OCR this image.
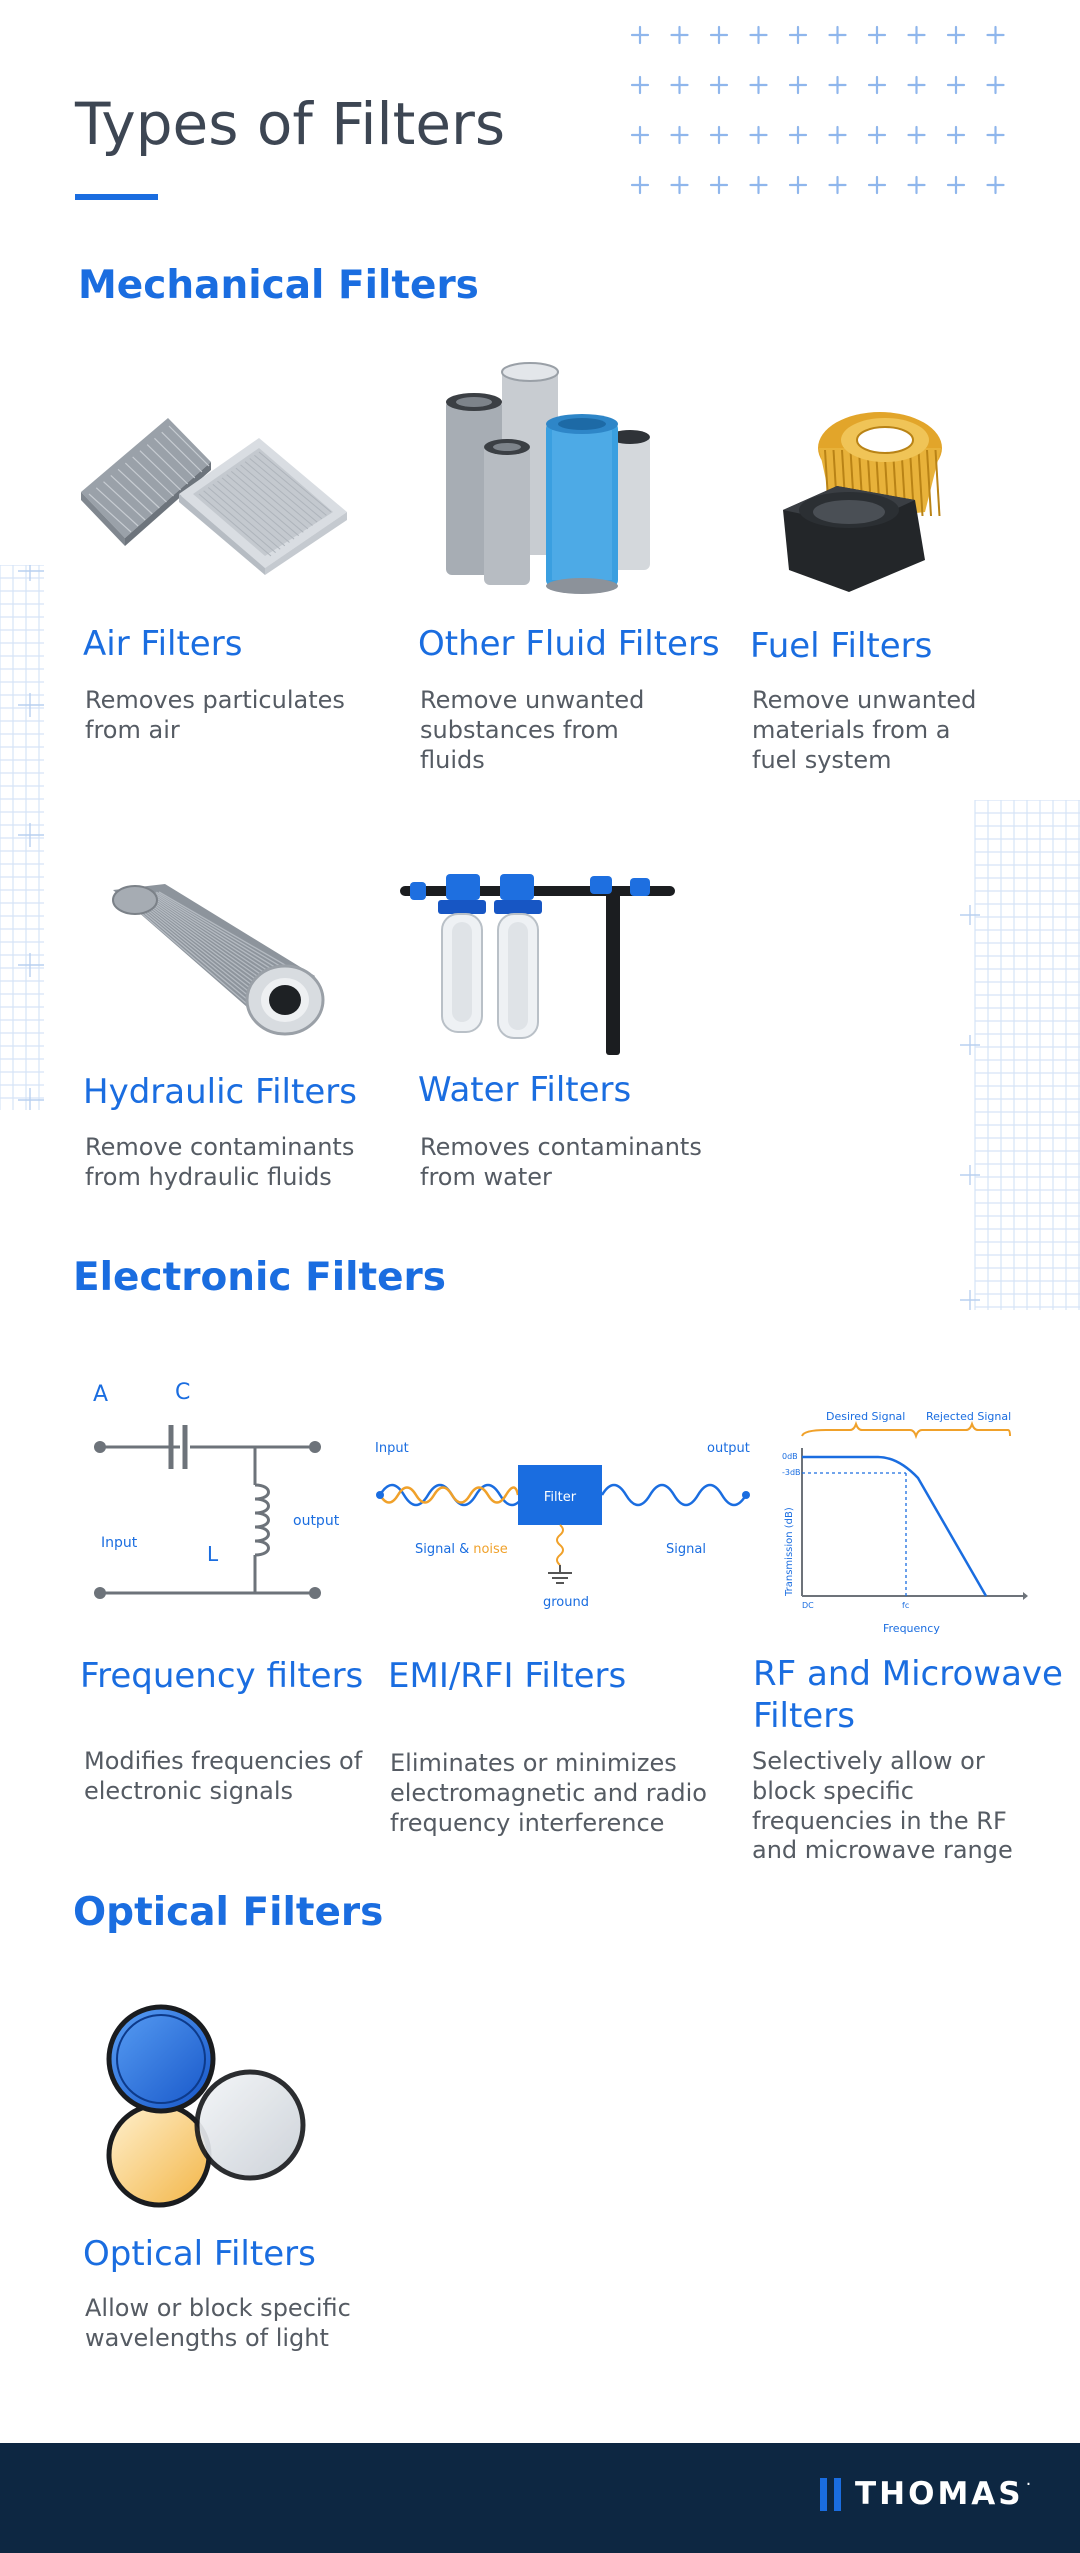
Types of Filters
Mechanical Filters
Air Filters
Removes particulates from air
Other Fluid Filters
Remove unwanted substances from fluids
Fuel Filters
Remove unwanted materials from a fuel system
Hydraulic Filters
Remove contaminants from hydraulic fluids
Water Filters
Removes contaminants from water
Electronic Filters
A	C
L
Input
output
Filter
Input	output
Signal & noise	Signal
ground
Desired Signal Rejected Signal
0dB
-3dB
DC	fc
Frequency
Transmission (dB)
Frequency filters
Modifies frequencies of electronic signals
EMI/RFI Filters
Eliminates or minimizes electromagnetic and radio frequency interference
RF and Microwave Filters
Selectively allow or block specific frequencies in the RF and microwave range
Optical Filters
Optical Filters
Allow or block specific wavelengths of light
THOMAS ·
